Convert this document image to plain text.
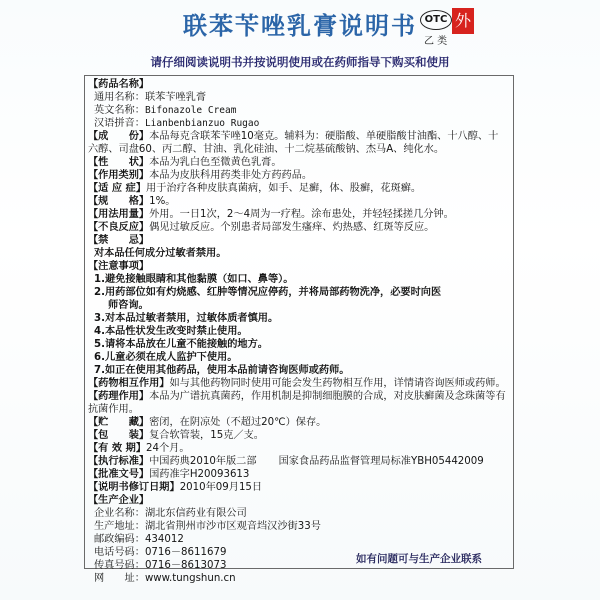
联苯苄唑乳膏说明书 OTC
乙 类
外
请仔细阅读说明书并按说明使用或在药师指导下购买和使用
【药品名称】
通用名称：联苯苄唑乳膏
英文名称：Bifonazole Cream
汉语拼音：Lianbenbianzuo Rugao
【成　　份】本品每克含联苯苄唑10毫克。辅料为：硬脂酸、单硬脂酸甘油酯、十八醇、十六醇、司盘60、丙二醇、甘油、乳化硅油、十二烷基硫酸钠、杰马A、纯化水。
【性　　状】本品为乳白色至微黄色乳膏。
【作用类别】本品为皮肤科用药类非处方药药品。
【适 应 症】用于治疗各种皮肤真菌病，如手、足癣，体、股癣，花斑癣。
【规　　格】1%。
【用法用量】外用。一日1次，2～4周为一疗程。涂布患处，并轻轻揉搓几分钟。
【不良反应】偶见过敏反应。个别患者局部发生瘙痒、灼热感、红斑等反应。
【禁　　忌】
对本品任何成分过敏者禁用。
【注意事项】
1.避免接触眼睛和其他黏膜（如口、鼻等）。
2.用药部位如有灼烧感、红肿等情况应停药，并将局部药物洗净，必要时向医
师咨询。
3.对本品过敏者禁用，过敏体质者慎用。
4.本品性状发生改变时禁止使用。
5.请将本品放在儿童不能接触的地方。
6.儿童必须在成人监护下使用。
7.如正在使用其他药品，使用本品前请咨询医师或药师。
【药物相互作用】如与其他药物同时使用可能会发生药物相互作用，详情请咨询医师或药师。
【药理作用】本品为广谱抗真菌药，作用机制是抑制细胞膜的合成，对皮肤癣菌及念珠菌等有抗菌作用。
【贮　　藏】密闭，在阴凉处（不超过20℃）保存。
【包　　装】复合软管装，15克／支。
【有 效 期】24个月。
【执行标准】中国药典2010年版二部 国家食品药品监督管理局标准YBH05442009
【批准文号】国药准字H20093613
【说明书修订日期】2010年09月15日
【生产企业】
企业名称：湖北东信药业有限公司
生产地址：湖北省荆州市沙市区观音垱汉沙街33号
邮政编码：434012
电话号码：0716－8611679
传真号码：0716－8613073
网　　址：www.tungshun.cn
如有问题可与生产企业联系
